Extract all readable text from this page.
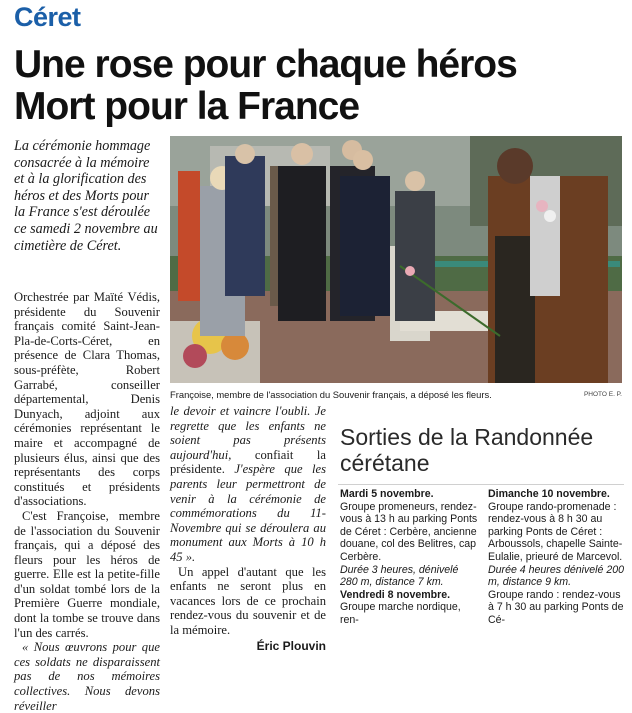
Céret
Une rose pour chaque héros
Mort pour la France
La cérémonie hommage consacrée à la mémoire et à la glorification des héros et des Morts pour la France s'est déroulée ce samedi 2 novembre au cimetière de Céret.

Orchestrée par Maïté Védis, présidente du Souvenir français comité Saint-Jean-Pla-de-Corts-Céret, en présence de Clara Thomas, sous-préfète, Robert Garrabé, conseiller départemental, Denis Dunyach, adjoint aux cérémonies représentant le maire et accompagné de plusieurs élus, ainsi que des représentants des corps constitués et présidents d'associations.

C'est Françoise, membre de l'association du Souvenir français, qui a déposé des fleurs pour les héros de guerre. Elle est la petite-fille d'un soldat tombé lors de la Première Guerre mondiale, dont la tombe se trouve dans l'un des carrés.

« Nous œuvrons pour que ces soldats ne disparaissent pas de nos mémoires collectives. Nous devons réveiller

le devoir et vaincre l'oubli. Je regrette que les enfants ne soient pas présents aujourd'hui, confiait la présidente. J'espère que les parents leur permettront de venir à la cérémonie de commémorations du 11-Novembre qui se déroulera au monument aux Morts à 10 h 45 ».

Un appel d'autant que les enfants ne seront plus en vacances lors de ce prochain rendez-vous du souvenir et de la mémoire.

Éric Plouvin
Françoise, membre de l'association du Souvenir français, a déposé les fleurs.	PHOTO E. P.
Sorties de la Randonnée cérétane
Mardi 5 novembre.
Groupe promeneurs, rendez-vous à 13 h au parking Ponts de Céret : Cerbère, ancienne douane, col des Belitres, cap Cerbère.
Durée 3 heures, dénivelé 280 m, distance 7 km.
Vendredi 8 novembre.
Groupe marche nordique, ren-
Dimanche 10 novembre.
Groupe rando-promenade : rendez-vous à 8 h 30 au parking Ponts de Céret : Arboussols, chapelle Sainte-Eulalie, prieuré de Marcevol.
Durée 4 heures dénivelé 200 m, distance 9 km.
Groupe rando : rendez-vous à 7 h 30 au parking Ponts de Cé-
